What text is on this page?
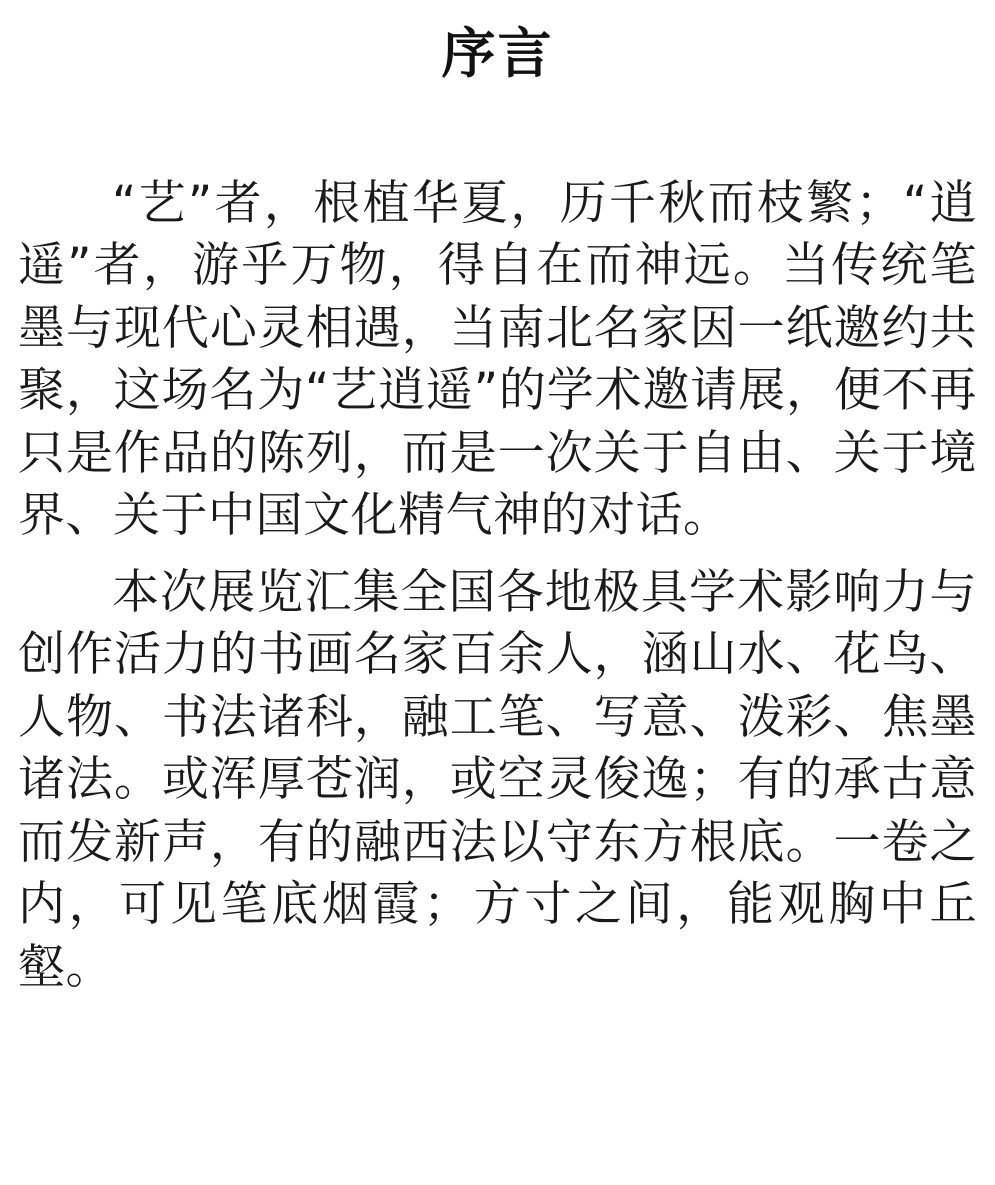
序言

“艺”者，根植华夏，历千秋而枝繁；“逍遥”者，游乎万物，得自在而神远。当传统笔墨与现代心灵相遇，当南北名家因一纸邀约共聚，这场名为“艺逍遥”的学术邀请展，便不再只是作品的陈列，而是一次关于自由、关于境界、关于中国文化精气神的对话。

本次展览汇集全国各地极具学术影响力与创作活力的书画名家百余人，涵山水、花鸟、人物、书法诸科，融工笔、写意、泼彩、焦墨诸法。或浑厚苍润，或空灵俊逸；有的承古意而发新声，有的融西法以守东方根底。一卷之内，可见笔底烟霞；方寸之间，能观胸中丘壑。
